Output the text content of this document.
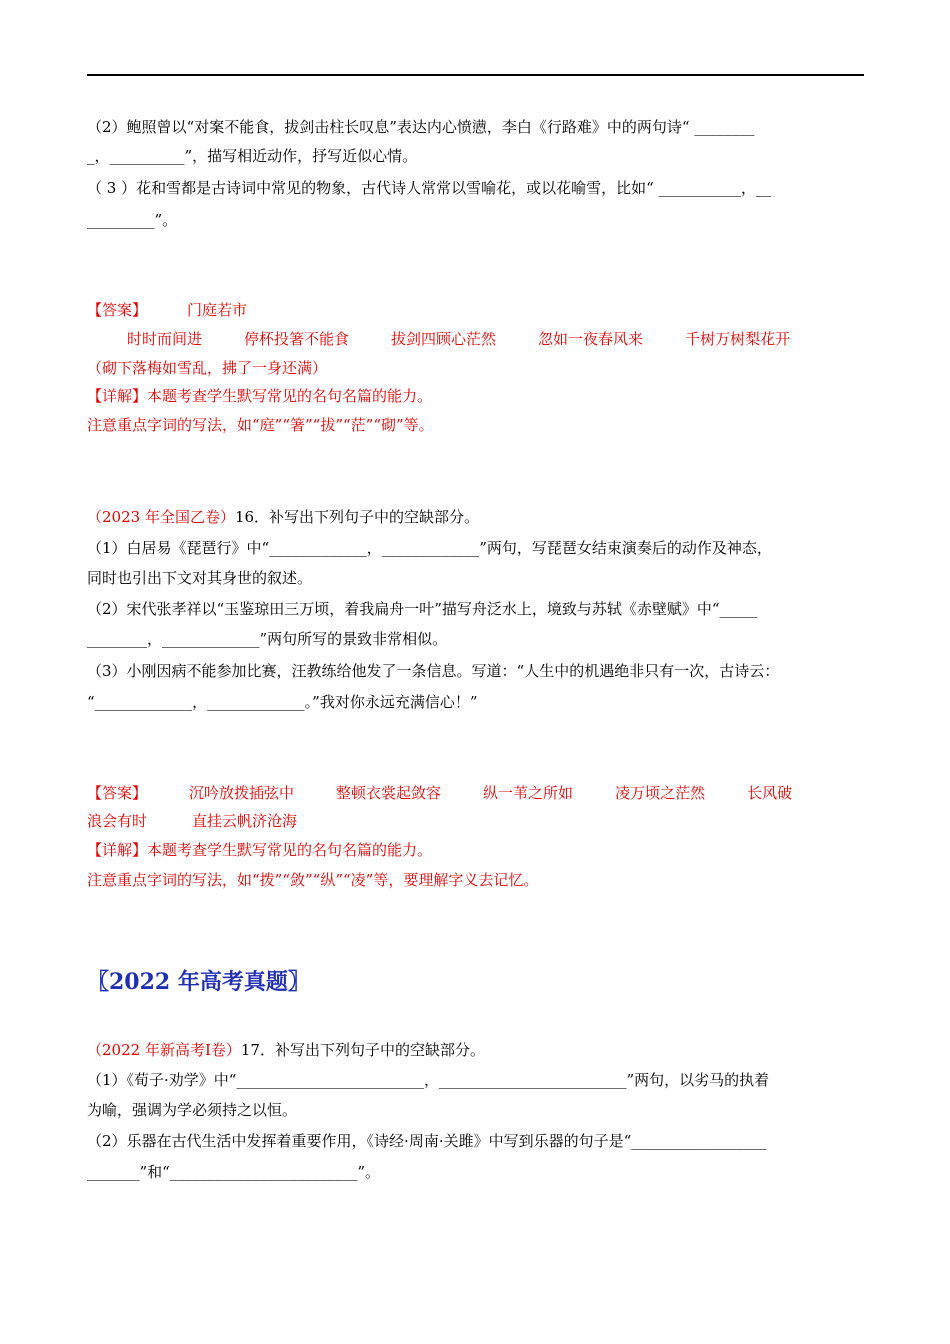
（2）鲍照曾以“对案不能食，拔剑击柱长叹息”表达内心愤懑，李白《行路难》中的两句诗“ ________
_，__________”，描写相近动作，抒写近似心情。
（ 3 ）花和雪都是古诗词中常见的物象，古代诗人常常以雪喻花，或以花喻雪，比如“ ___________，__
_________”。
【答案】	门庭若市
时时而间进	停杯投箸不能食	拔剑四顾心茫然	忽如一夜春风来	千树万树梨花开
（砌下落梅如雪乱，拂了一身还满）
【详解】本题考查学生默写常见的名句名篇的能力。
注意重点字词的写法，如“庭”“箸”“拔”“茫”“砌”等。
（2023 年全国乙卷）16．补写出下列句子中的空缺部分。
（1）白居易《琵琶行》中“_____________，_____________”两句，写琵琶女结束演奏后的动作及神态，
同时也引出下文对其身世的叙述。
（2）宋代张孝祥以“玉鉴琼田三万顷，着我扁舟一叶”描写舟泛水上，境致与苏轼《赤壁赋》中“_____
________，_____________”两句所写的景致非常相似。
（3）小刚因病不能参加比赛，汪教练给他发了一条信息。写道：“人生中的机遇绝非只有一次，古诗云：
“_____________，_____________。”我对你永远充满信心！”
【答案】	沉吟放拨插弦中	整顿衣裳起敛容	纵一苇之所如	凌万顷之茫然	长风破
浪会有时	直挂云帆济沧海
【详解】本题考查学生默写常见的名句名篇的能力。
注意重点字词的写法，如“拨”“敛”“纵”“凌”等，要理解字义去记忆。
〖2022 年高考真题〗
（2022 年新高考Ⅰ卷）17．补写出下列句子中的空缺部分。
（1）《荀子·劝学》中“_________________________，_________________________”两句，以劣马的执着
为喻，强调为学必须持之以恒。
（2）乐器在古代生活中发挥着重要作用，《诗经·周南·关雎》中写到乐器的句子是“__________________
_______”和“_________________________”。
